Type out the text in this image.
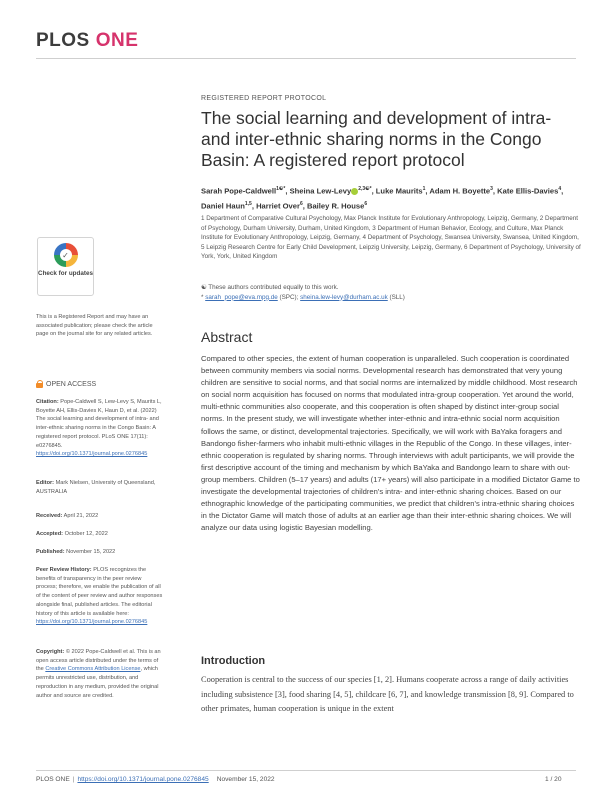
PLOS ONE
REGISTERED REPORT PROTOCOL
The social learning and development of intra- and inter-ethnic sharing norms in the Congo Basin: A registered report protocol
Sarah Pope-Caldwell$^{1☯*}$, Sheina Lew-Levy $^{2,3☯*}$, Luke Maurits$^1$, Adam H. Boyette$^3$, Kate Ellis-Davies$^4$, Daniel Haun$^{1,5}$, Harriet Over$^6$, Bailey R. House$^6$

1 Department of Comparative Cultural Psychology, Max Planck Institute for Evolutionary Anthropology, Leipzig, Germany, 2 Department of Psychology, Durham University, Durham, United Kingdom, 3 Department of Human Behavior, Ecology, and Culture, Max Planck Institute for Evolutionary Anthropology, Leipzig, Germany, 4 Department of Psychology, Swansea University, Swansea, United Kingdom, 5 Leipzig Research Centre for Early Child Development, Leipzig University, Leipzig, Germany, 6 Department of Psychology, University of York, York, United Kingdom

☯ These authors contributed equally to this work.
* sarah_pope@eva.mpg.de (SPC); sheina.lew-levy@durham.ac.uk (SLL)
Abstract

Compared to other species, the extent of human cooperation is unparalleled. Such cooperation is coordinated between community members via social norms. Developmental research has demonstrated that very young children are sensitive to social norms, and that social norms are internalized by middle childhood. Most research on social norm acquisition has focused on norms that modulated intra-group cooperation. Yet around the world, multi-ethnic communities also cooperate, and this cooperation is often shaped by distinct inter-group social norms. In the present study, we will investigate whether inter-ethnic and intra-ethnic social norm acquisition follows the same, or distinct, developmental trajectories. Specifically, we will work with BaYaka foragers and Bandongo fisher-farmers who inhabit multi-ethnic villages in the Republic of the Congo. In these villages, inter-ethnic cooperation is regulated by sharing norms. Through interviews with adult participants, we will provide the first descriptive account of the timing and mechanism by which BaYaka and Bandongo learn to share with out-group members. Children (5–17 years) and adults (17+ years) will also participate in a modified Dictator Game to investigate the developmental trajectories of children's intra- and inter-ethnic sharing choices. Based on our ethnographic knowledge of the participating communities, we predict that children's intra-ethnic sharing choices in the Dictator Game will match those of adults at an earlier age than their inter-ethnic sharing choices. We will analyze our data using logistic Bayesian modelling.

Introduction

Cooperation is central to the success of our species [1, 2]. Humans cooperate across a range of daily activities including subsistence [3], food sharing [4, 5], childcare [6, 7], and knowledge transmission [8, 9]. Compared to other primates, human cooperation is unique in the extent

✓
Check for updates

This is a Registered Report and may have an associated publication; please check the article page on the journal site for any related articles.

OPEN ACCESS
Citation: Pope-Caldwell S, Lew-Levy S, Maurits L, Boyette AH, Ellis-Davies K, Haun D, et al. (2022) The social learning and development of intra- and inter-ethnic sharing norms in the Congo Basin: A registered report protocol. PLoS ONE 17(11): e0276845. https://doi.org/10.1371/journal.pone.0276845
Editor: Mark Nielsen, University of Queensland, AUSTRALIA
Received: April 21, 2022
Accepted: October 12, 2022
Published: November 15, 2022
Peer Review History: PLOS recognizes the benefits of transparency in the peer review process; therefore, we enable the publication of all of the content of peer review and author responses alongside final, published articles. The editorial history of this article is available here: https://doi.org/10.1371/journal.pone.0276845
Copyright: © 2022 Pope-Caldwell et al. This is an open access article distributed under the terms of the Creative Commons Attribution License, which permits unrestricted use, distribution, and reproduction in any medium, provided the original author and source are credited.
PLOS ONE | https://doi.org/10.1371/journal.pone.0276845 November 15, 2022	1 / 20
